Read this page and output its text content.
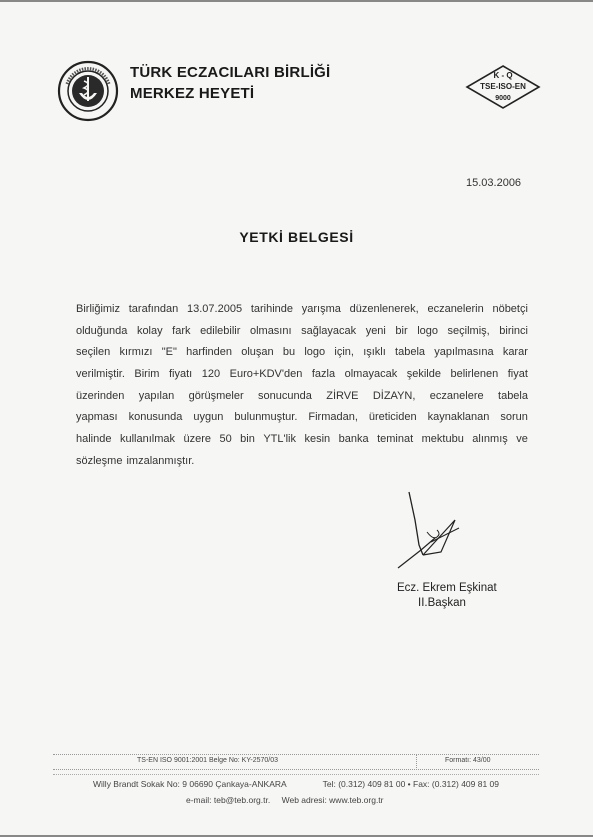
TÜRK ECZACILARI BİRLİĞİ
MERKEZ HEYETİ
K - Q
TSE-ISO-EN
9000
15.03.2006
YETKİ BELGESİ
Birliğimiz tarafından 13.07.2005 tarihinde yarışma düzenlenerek, eczanelerin nöbetçi
olduğunda kolay fark edilebilir olmasını sağlayacak yeni bir logo seçilmiş, birinci
seçilen kırmızı "E" harfinden oluşan bu logo için, ışıklı tabela yapılmasına karar
verilmiştir. Birim fiyatı 120 Euro+KDV'den fazla olmayacak şekilde belirlenen fiyat
üzerinden yapılan görüşmeler sonucunda ZİRVE DİZAYN, eczanelere tabela
yapması konusunda uygun bulunmuştur. Firmadan, üreticiden kaynaklanan sorun
halinde kullanılmak üzere 50 bin YTL'lik kesin banka teminat mektubu alınmış ve
sözleşme imzalanmıştır.
Ecz. Ekrem Eşkinat
II.Başkan
TS-EN ISO 9001:2001 Belge No: KY-2570/03	Formatı: 43/00
Willy Brandt Sokak No: 9 06690 Çankaya-ANKARA	Tel: (0.312) 409 81 00 • Fax: (0.312) 409 81 09
e-mail: teb@teb.org.tr. Web adresi: www.teb.org.tr
